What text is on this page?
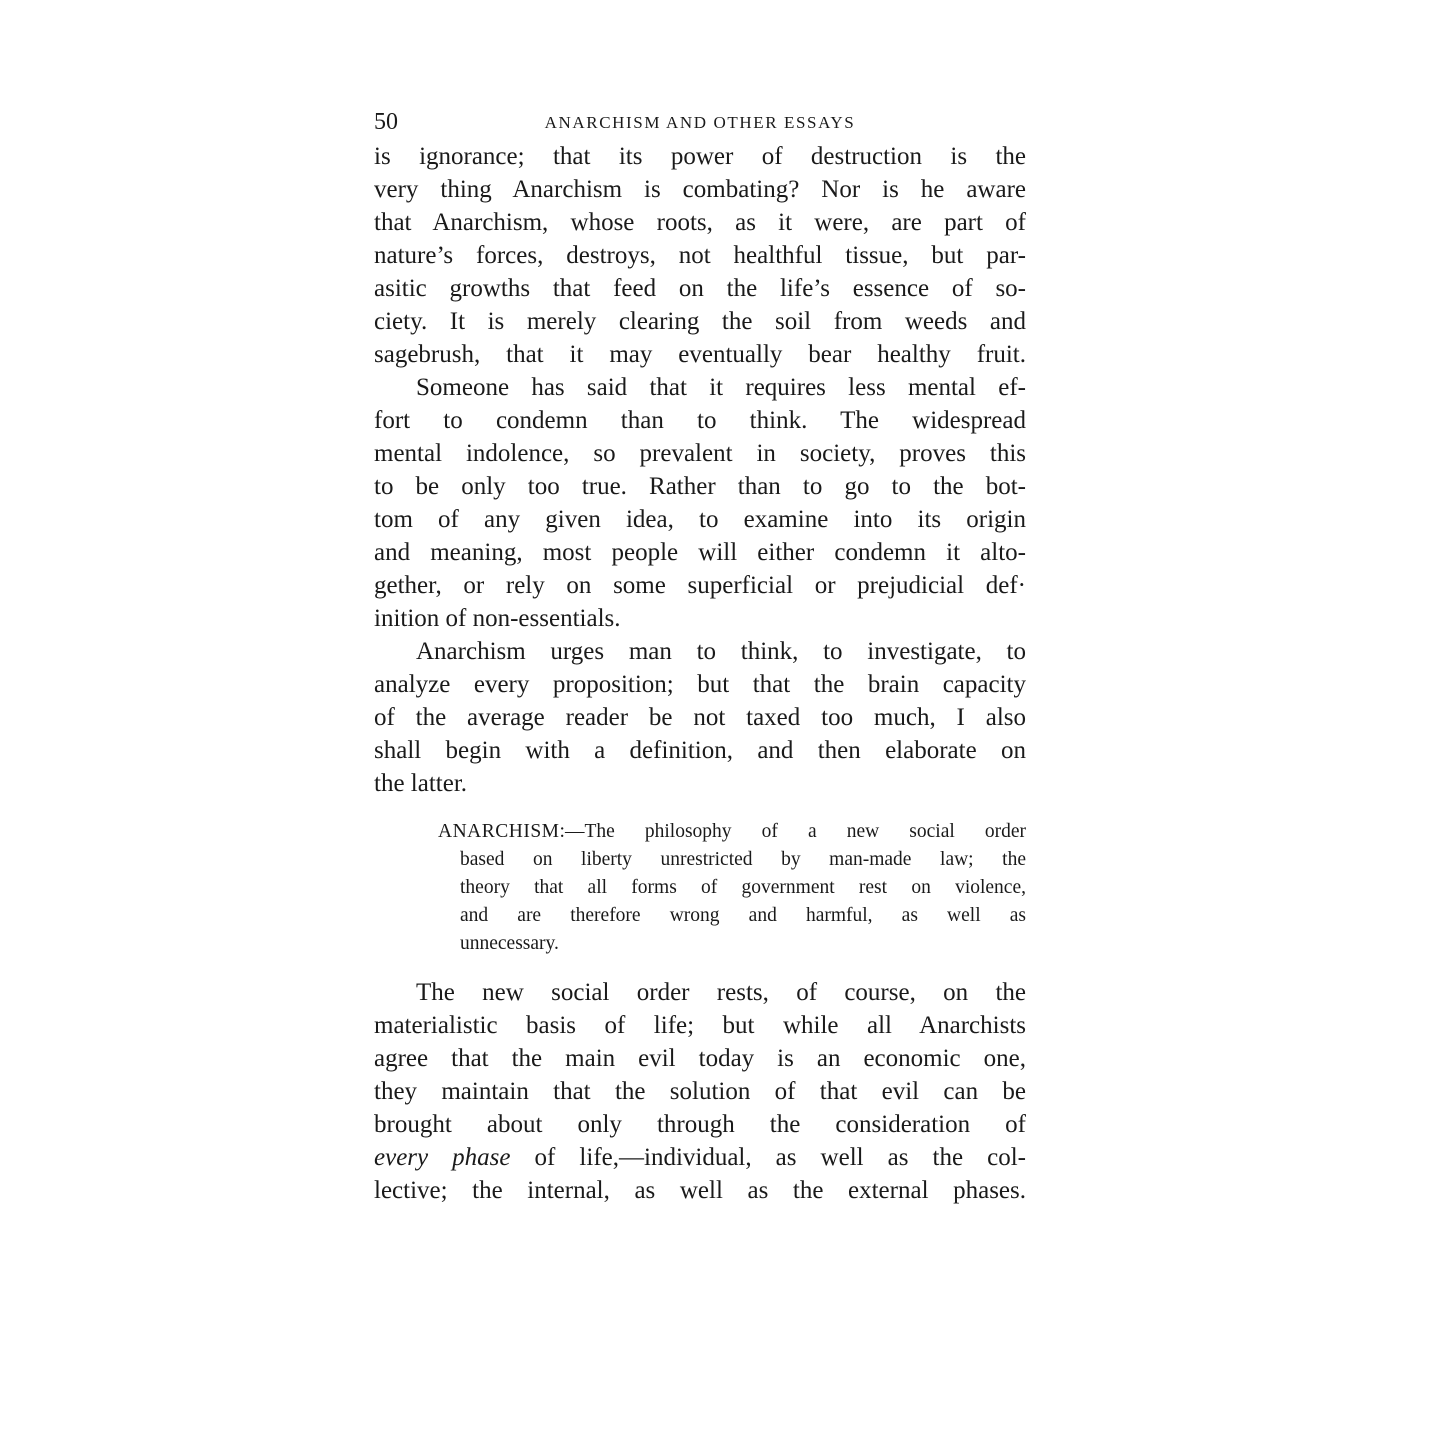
50	ANARCHISM AND OTHER ESSAYS

is ignorance; that its power of destruction is the
very thing Anarchism is combating? Nor is he aware
that Anarchism, whose roots, as it were, are part of
nature’s forces, destroys, not healthful tissue, but par-
asitic growths that feed on the life’s essence of so-
ciety. It is merely clearing the soil from weeds and
sagebrush, that it may eventually bear healthy fruit.

Someone has said that it requires less mental ef-
fort to condemn than to think. The widespread
mental indolence, so prevalent in society, proves this
to be only too true. Rather than to go to the bot-
tom of any given idea, to examine into its origin
and meaning, most people will either condemn it alto-
gether, or rely on some superficial or prejudicial def·
inition of non-essentials.

Anarchism urges man to think, to investigate, to
analyze every proposition; but that the brain capacity
of the average reader be not taxed too much, I also
shall begin with a definition, and then elaborate on
the latter.

ANARCHISM:—The philosophy of a new social order
based on liberty unrestricted by man-made law; the
theory that all forms of government rest on violence,
and are therefore wrong and harmful, as well as
unnecessary.

The new social order rests, of course, on the
materialistic basis of life; but while all Anarchists
agree that the main evil today is an economic one,
they maintain that the solution of that evil can be
brought about only through the consideration of
every phase of life,—individual, as well as the col-
lective; the internal, as well as the external phases.
